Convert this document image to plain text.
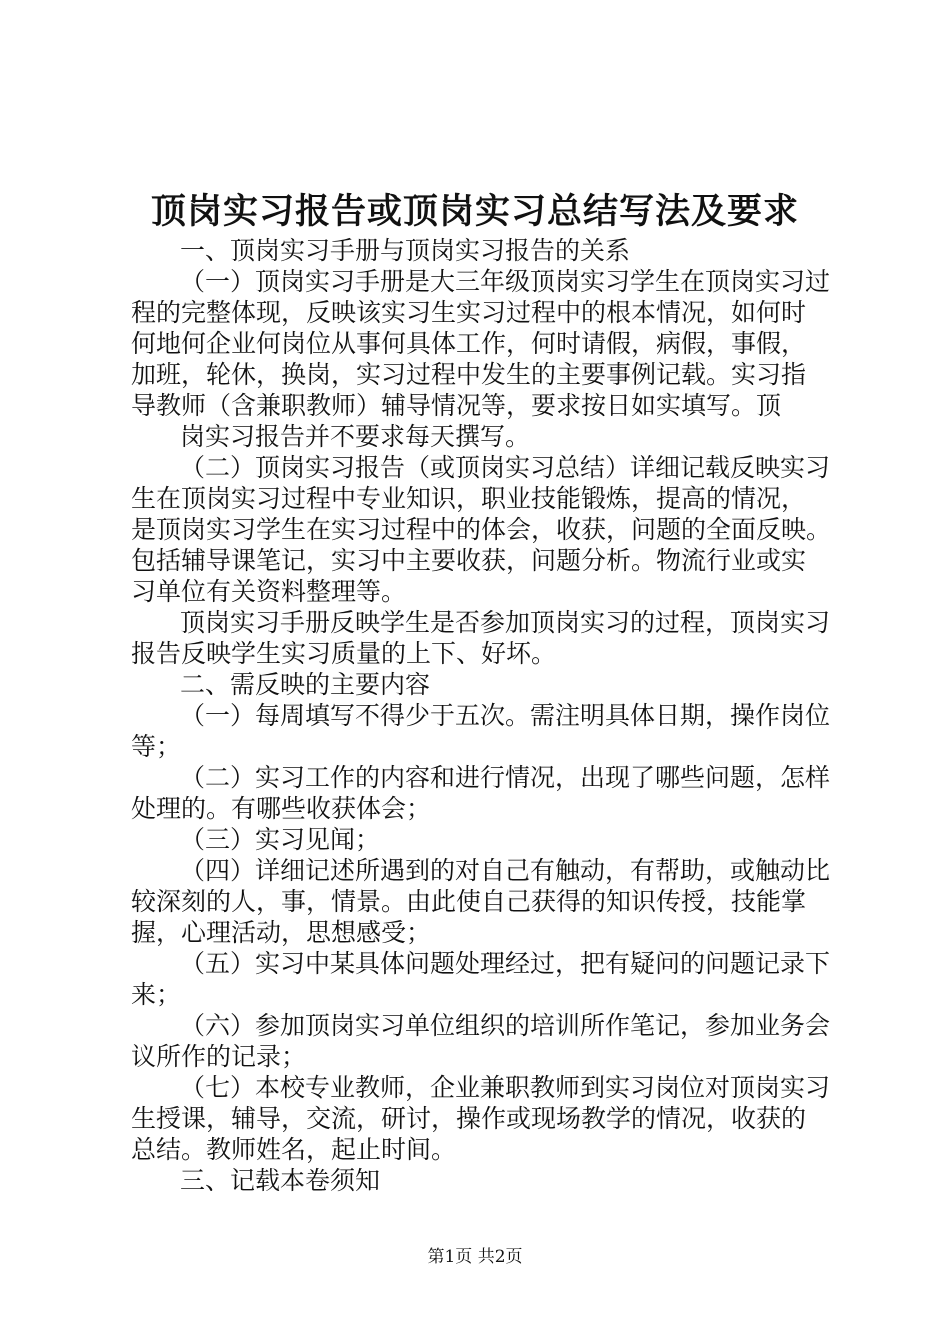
顶岗实习报告或顶岗实习总结写法及要求
一、顶岗实习手册与顶岗实习报告的关系
（一）顶岗实习手册是大三年级顶岗实习学生在顶岗实习过
程的完整体现，反映该实习生实习过程中的根本情况，如何时
何地何企业何岗位从事何具体工作，何时请假，病假，事假，
加班，轮休，换岗，实习过程中发生的主要事例记载。实习指
导教师（含兼职教师）辅导情况等，要求按日如实填写。顶
岗实习报告并不要求每天撰写。
（二）顶岗实习报告（或顶岗实习总结）详细记载反映实习
生在顶岗实习过程中专业知识，职业技能锻炼，提高的情况，
是顶岗实习学生在实习过程中的体会，收获，问题的全面反映。
包括辅导课笔记，实习中主要收获，问题分析。物流行业或实
习单位有关资料整理等。
顶岗实习手册反映学生是否参加顶岗实习的过程，顶岗实习
报告反映学生实习质量的上下、好坏。
二、需反映的主要内容
（一）每周填写不得少于五次。需注明具体日期，操作岗位
等；
（二）实习工作的内容和进行情况，出现了哪些问题，怎样
处理的。有哪些收获体会；
（三）实习见闻；
（四）详细记述所遇到的对自己有触动，有帮助，或触动比
较深刻的人，事，情景。由此使自己获得的知识传授，技能掌
握，心理活动，思想感受；
（五）实习中某具体问题处理经过，把有疑问的问题记录下
来；
（六）参加顶岗实习单位组织的培训所作笔记，参加业务会
议所作的记录；
（七）本校专业教师，企业兼职教师到实习岗位对顶岗实习
生授课，辅导，交流，研讨，操作或现场教学的情况，收获的
总结。教师姓名，起止时间。
三、记载本卷须知
第1页 共2页
